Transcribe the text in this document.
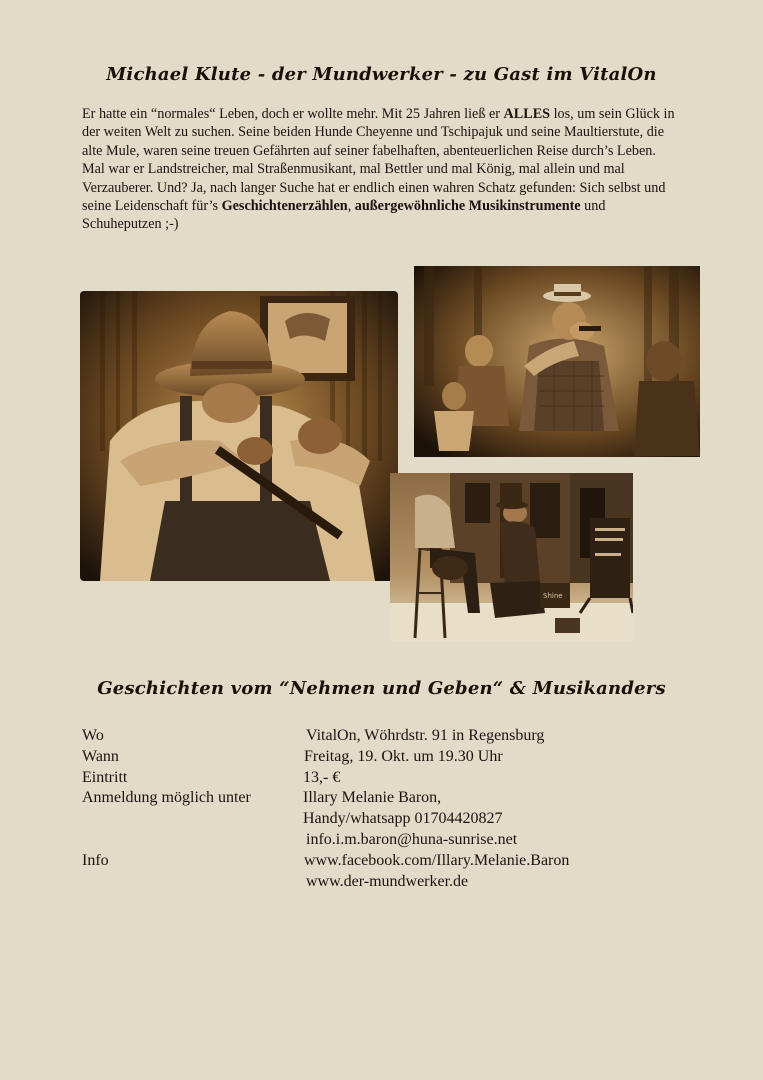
Michael Klute - der Mundwerker - zu Gast im VitalOn
Er hatte ein “normales“ Leben, doch er wollte mehr. Mit 25 Jahren ließ er ALLES los, um sein Glück in der weiten Welt zu suchen. Seine beiden Hunde Cheyenne und Tschipajuk und seine Maultierstute, die alte Mule, waren seine treuen Gefährten auf seiner fabelhaften, abenteuerlichen Reise durch’s Leben. Mal war er Landstreicher, mal Straßenmusikant, mal Bettler und mal König, mal allein und mal Verzauberer. Und? Ja, nach langer Suche hat er endlich einen wahren Schatz gefunden: Sich selbst und seine Leidenschaft für’s Geschichtenerzählen, außergewöhnliche Musikinstrumente und Schuheputzen ;-)
Shine
Geschichten vom “Nehmen und Geben“ & Musikanders
Wo	VitalOn, Wöhrdstr. 91 in Regensburg
Wann	Freitag, 19. Okt. um 19.30 Uhr
Eintritt	13,- €
Anmeldung möglich unter	Illary Melanie Baron,
Handy/whatsapp 01704420827
info.i.m.baron@huna-sunrise.net
Info	www.facebook.com/Illary.Melanie.Baron
www.der-mundwerker.de
